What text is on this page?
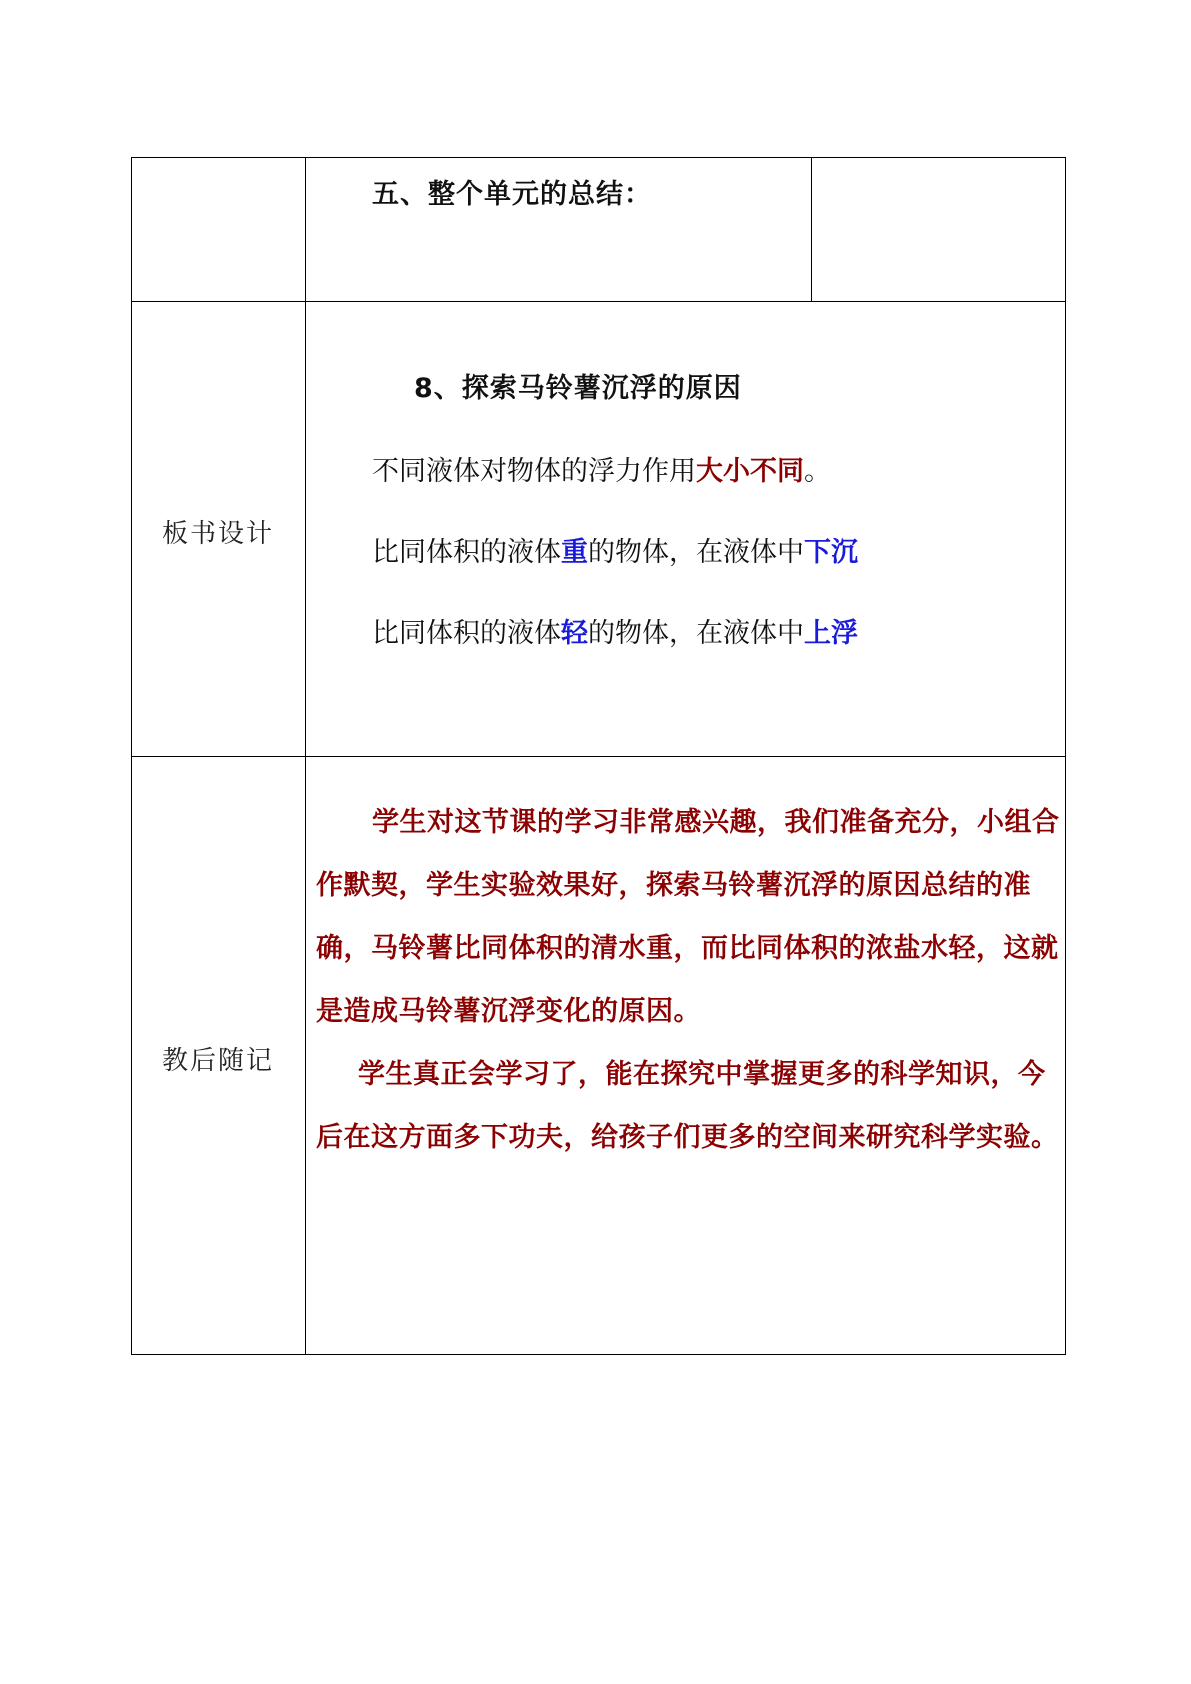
五、整个单元的总结：
板书设计
8、探索马铃薯沉浮的原因
不同液体对物体的浮力作用大小不同。
比同体积的液体重的物体，在液体中下沉
比同体积的液体轻的物体，在液体中上浮
教后随记
学生对这节课的学习非常感兴趣，我们准备充分，小组合作默契，学生实验效果好，探索马铃薯沉浮的原因总结的准确，马铃薯比同体积的清水重，而比同体积的浓盐水轻，这就是造成马铃薯沉浮变化的原因。
学生真正会学习了，能在探究中掌握更多的科学知识，今后在这方面多下功夫，给孩子们更多的空间来研究科学实验。
